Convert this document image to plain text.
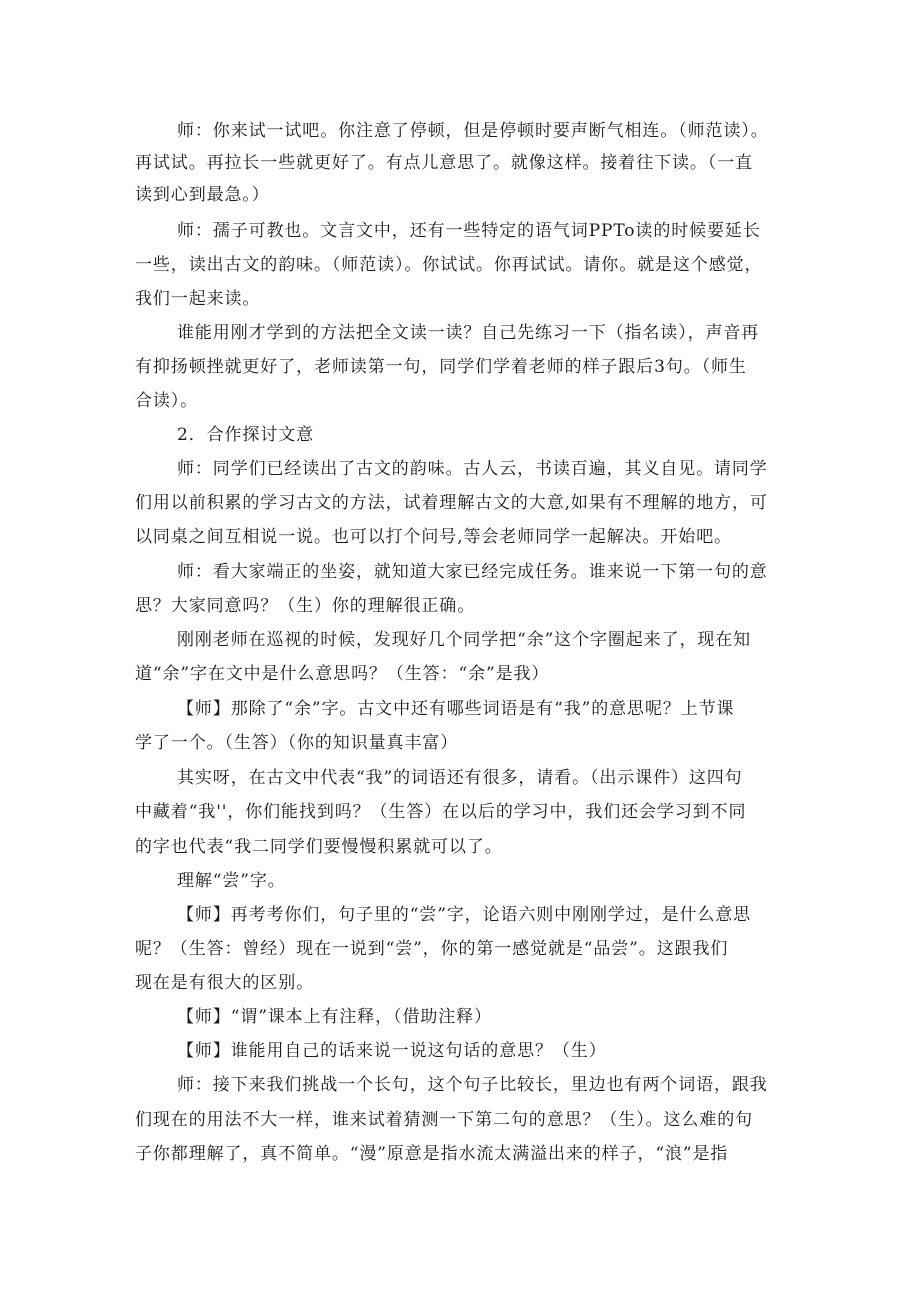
师：你来试一试吧。你注意了停顿，但是停顿时要声断气相连。（师范读）。
再试试。再拉长一些就更好了。有点儿意思了。就像这样。接着往下读。（一直
读到心到最急。）
师：孺子可教也。文言文中，还有一些特定的语气词PPTo读的时候要延长
一些，读出古文的韵味。（师范读）。你试试。你再试试。请你。就是这个感觉，
我们一起来读。
谁能用刚才学到的方法把全文读一读？自己先练习一下（指名读），声音再
有抑扬顿挫就更好了，老师读第一句，同学们学着老师的样子跟后3句。（师生
合读）。
2．合作探讨文意
师：同学们已经读出了古文的韵味。古人云，书读百遍，其义自见。请同学
们用以前积累的学习古文的方法，试着理解古文的大意,如果有不理解的地方，可
以同桌之间互相说一说。也可以打个问号,等会老师同学一起解决。开始吧。
师：看大家端正的坐姿，就知道大家已经完成任务。谁来说一下第一句的意
思？大家同意吗？（生）你的理解很正确。
刚刚老师在巡视的时候，发现好几个同学把“余”这个字圈起来了，现在知
道“余”字在文中是什么意思吗？（生答：“余”是我）
【师】那除了“余”字。古文中还有哪些词语是有“我”的意思呢？上节课
学了一个。（生答）（你的知识量真丰富）
其实呀，在古文中代表“我”的词语还有很多，请看。（出示课件）这四句
中藏着“我''，你们能找到吗？（生答）在以后的学习中，我们还会学习到不同
的字也代表“我二同学们要慢慢积累就可以了。
理解“尝”字。
【师】再考考你们，句子里的“尝”字，论语六则中刚刚学过，是什么意思
呢？（生答：曾经）现在一说到“尝”，你的第一感觉就是“品尝”。这跟我们
现在是有很大的区别。
【师】“谓”课本上有注释，（借助注释）
【师】谁能用自己的话来说一说这句话的意思？（生）
师：接下来我们挑战一个长句，这个句子比较长，里边也有两个词语，跟我
们现在的用法不大一样，谁来试着猜测一下第二句的意思？（生）。这么难的句
子你都理解了，真不简单。“漫”原意是指水流太满溢出来的样子，“浪”是指
